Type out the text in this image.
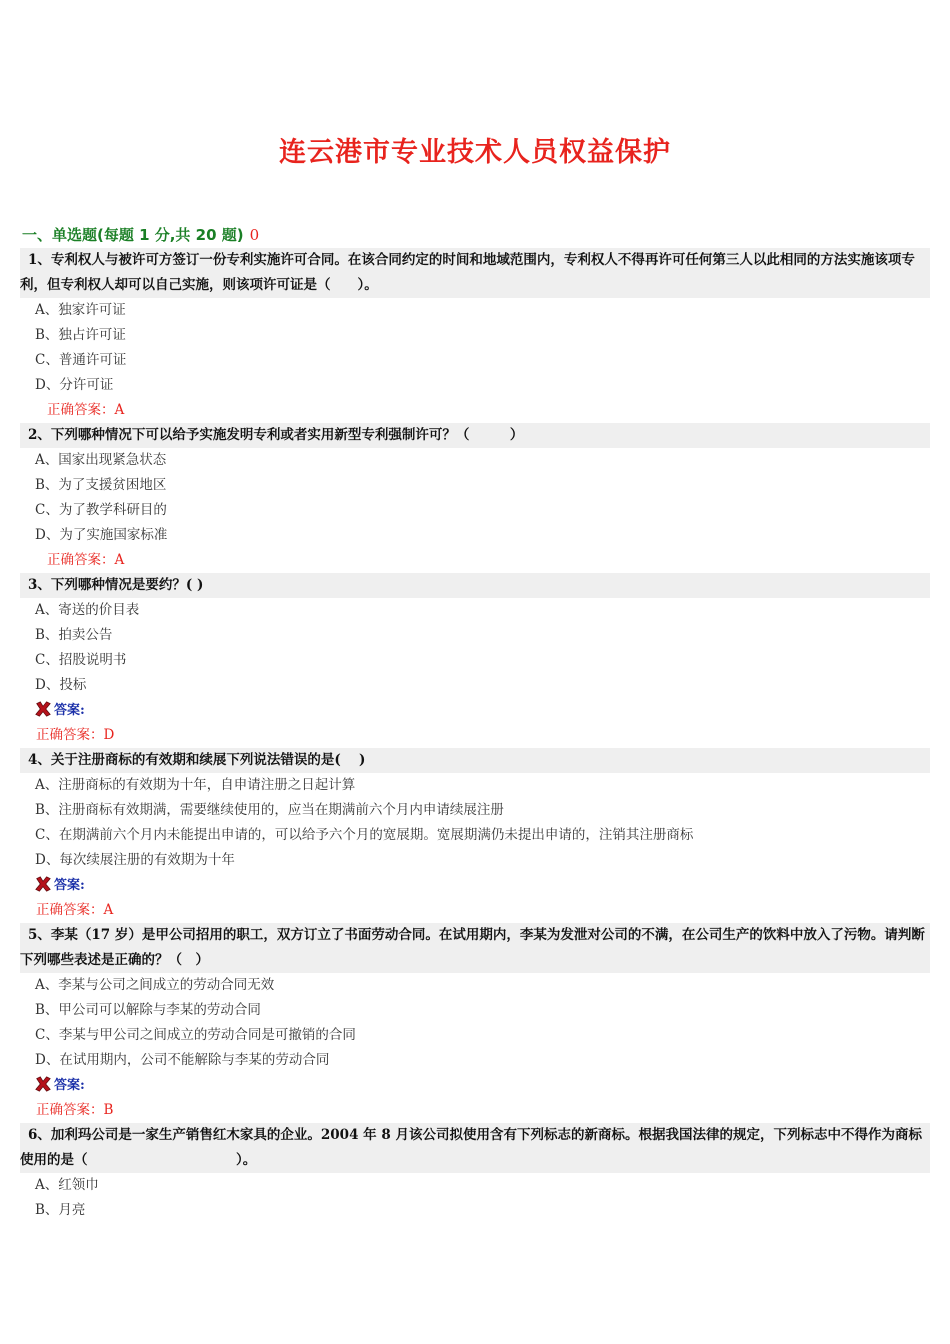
连云港市专业技术人员权益保护
一、单选题(每题 1 分,共 20 题) 0
1、专利权人与被许可方签订一份专利实施许可合同。在该合同约定的时间和地域范围内，专利权人不得再许可任何第三人以此相同的方法实施该项专利，但专利权人却可以自己实施，则该项许可证是（　　）。
A、独家许可证
B、独占许可证
C、普通许可证
D、分许可证
正确答案：A
2、下列哪种情况下可以给予实施发明专利或者实用新型专利强制许可？（　　　）
A、国家出现紧急状态
B、为了支援贫困地区
C、为了教学科研目的
D、为了实施国家标准
正确答案：A
3、下列哪种情况是要约？( )
A、寄送的价目表
B、拍卖公告
C、招股说明书
D、投标
答案:
正确答案：D
4、关于注册商标的有效期和续展下列说法错误的是(　 )
A、注册商标的有效期为十年，自申请注册之日起计算
B、注册商标有效期满，需要继续使用的，应当在期满前六个月内申请续展注册
C、在期满前六个月内未能提出申请的，可以给予六个月的宽展期。宽展期满仍未提出申请的，注销其注册商标
D、每次续展注册的有效期为十年
答案:
正确答案：A
5、李某（17 岁）是甲公司招用的职工，双方订立了书面劳动合同。在试用期内，李某为发泄对公司的不满，在公司生产的饮料中放入了污物。请判断下列哪些表述是正确的？（　）
A、李某与公司之间成立的劳动合同无效
B、甲公司可以解除与李某的劳动合同
C、李某与甲公司之间成立的劳动合同是可撤销的合同
D、在试用期内，公司不能解除与李某的劳动合同
答案:
正确答案：B
6、加利玛公司是一家生产销售红木家具的企业。2004 年 8 月该公司拟使用含有下列标志的新商标。根据我国法律的规定，下列标志中不得作为商标使用的是（　　　　　　　　　　　）。
A、红领巾
B、月亮
